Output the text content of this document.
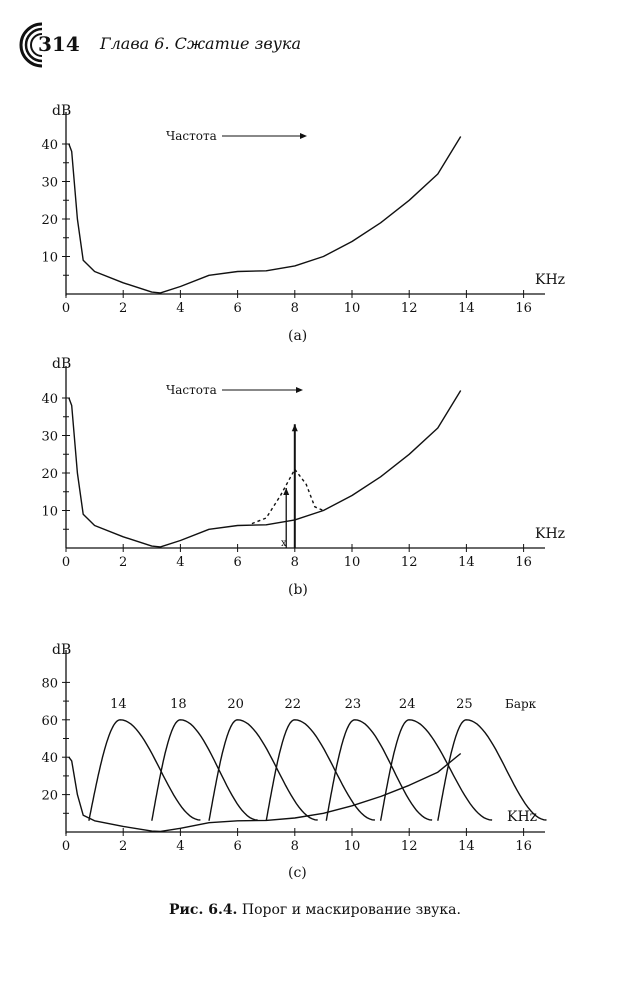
314 Глава 6. Сжатие звука
dB
KHz
Частота
(a)
0	2	4	6	8	10	12	14	16
10
20
30
40
dB
KHz
Частота
(b)
x
0	2	4	6	8	10	12	14	16
10
20
30
40
dB
KHz
Барк
(c)
0	2	4	6	8	10	12	14	16
20
40
60
80
14	18	20	22	23	24	25
Рис. 6.4. Порог и маскирование звука.
